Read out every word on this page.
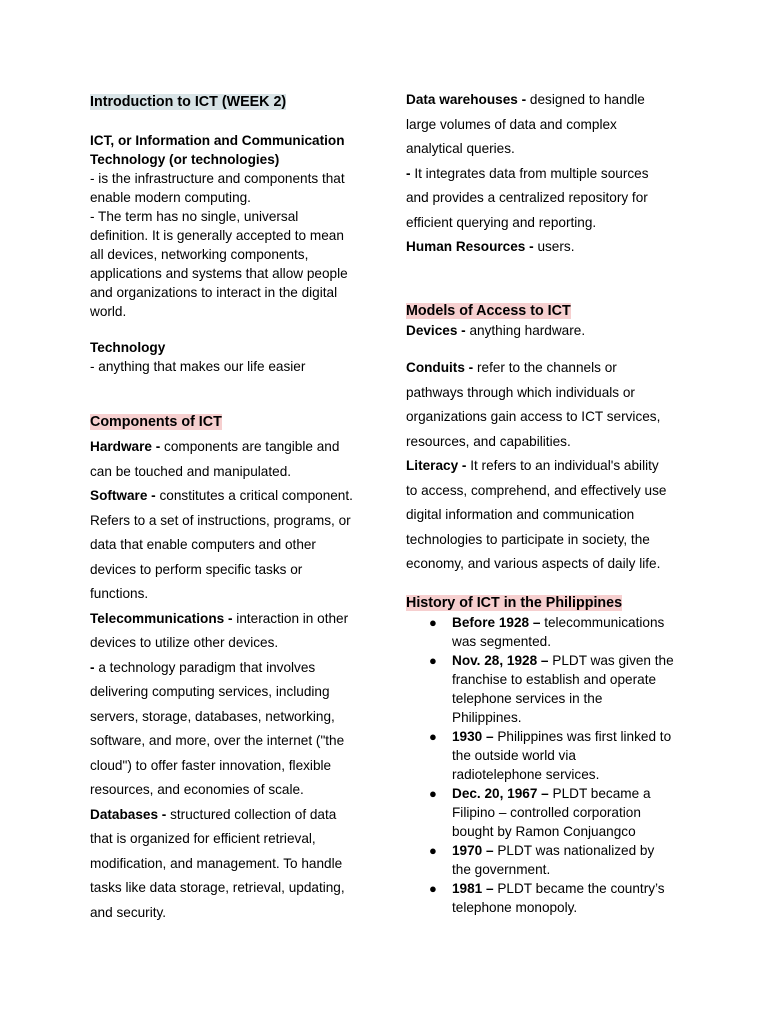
Introduction to ICT (WEEK 2)
ICT, or Information and Communication
Technology (or technologies)
- is the infrastructure and components that
enable modern computing.
- The term has no single, universal
definition. It is generally accepted to mean
all devices, networking components,
applications and systems that allow people
and organizations to interact in the digital
world.
Technology
- anything that makes our life easier
Components of ICT
Hardware - components are tangible and
can be touched and manipulated.
Software - constitutes a critical component.
Refers to a set of instructions, programs, or
data that enable computers and other
devices to perform specific tasks or
functions.
Telecommunications - interaction in other
devices to utilize other devices.
- a technology paradigm that involves
delivering computing services, including
servers, storage, databases, networking,
software, and more, over the internet ("the
cloud") to offer faster innovation, flexible
resources, and economies of scale.
Databases - structured collection of data
that is organized for efficient retrieval,
modification, and management. To handle
tasks like data storage, retrieval, updating,
and security.
Data warehouses - designed to handle
large volumes of data and complex
analytical queries.
- It integrates data from multiple sources
and provides a centralized repository for
efficient querying and reporting.
Human Resources - users.
Models of Access to ICT
Devices - anything hardware.
Conduits - refer to the channels or
pathways through which individuals or
organizations gain access to ICT services,
resources, and capabilities.
Literacy - It refers to an individual's ability
to access, comprehend, and effectively use
digital information and communication
technologies to participate in society, the
economy, and various aspects of daily life.
History of ICT in the Philippines
● Before 1928 – telecommunications
was segmented.
● Nov. 28, 1928 – PLDT was given the
franchise to establish and operate
telephone services in the
Philippines.
● 1930 – Philippines was first linked to
the outside world via
radiotelephone services.
● Dec. 20, 1967 – PLDT became a
Filipino – controlled corporation
bought by Ramon Conjuangco
● 1970 – PLDT was nationalized by
the government.
● 1981 – PLDT became the country’s
telephone monopoly.
